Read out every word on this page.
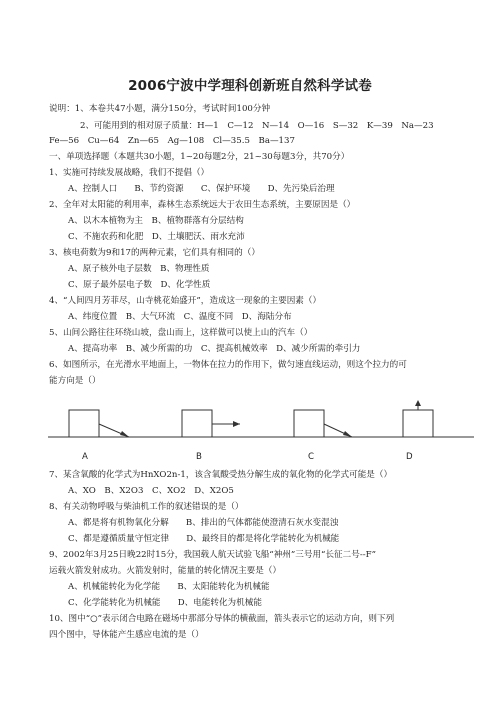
2006宁波中学理科创新班自然科学试卷
说明：1、本卷共47小题，满分150分，考试时间100分钟
2、可能用到的相对原子质量：H—1　C—12　N—14　O—16　S—32　K—39　Na—23
Fe—56　Cu—64　Zn—65　Ag—108　Cl—35.5　Ba—137
一、单项选择题（本题共30小题，1~20每题2分，21~30每题3分，共70分）
1、实施可持续发展战略，我们不提倡（）
A、控制人口　　B、节约资源　　C、保护环境　　D、先污染后治理
2、全年对太阳能的利用率，森林生态系统远大于农田生态系统，主要原因是（）
A、以木本植物为主　B、植物群落有分层结构
C、不施农药和化肥　D、土壤肥沃、雨水充沛
3、核电荷数为9和17的两种元素，它们具有相同的（）
A、原子核外电子层数　B、物理性质
C、原子最外层电子数　D、化学性质
4、“人间四月芳菲尽，山寺桃花始盛开”，造成这一现象的主要因素（）
A、纬度位置　B、大气环流　C、温度不同　D、海陆分布
5、山间公路往往环绕山坡，盘山而上，这样做可以使上山的汽车（）
A、提高功率　B、减少所需的功　C、提高机械效率　D、减少所需的牵引力
6、如图所示，在光滑水平地面上，一物体在拉力的作用下，做匀速直线运动，则这个拉力的可
能方向是（）
A	B	C	D
7、某含氧酸的化学式为HnXO2n-1，该含氧酸受热分解生成的氧化物的化学式可能是（）
A、XO　B、X2O3　C、XO2　D、X2O5
8、有关动物呼吸与柴油机工作的叙述错误的是（）
A、都是将有机物氧化分解　　B、排出的气体都能使澄清石灰水变混浊
C、都是遵循质量守恒定律　　D、最终目的都是将化学能转化为机械能
9、2002年3月25日晚22时15分，我国载人航天试验飞船“神州”三号用“长征二号--F”
运载火箭发射成功。火箭发射时，能量的转化情况主要是（）
A、机械能转化为化学能　　B、太阳能转化为机械能
C、化学能转化为机械能　　D、电能转化为机械能
10、图中“○”表示闭合电路在磁场中那部分导体的横截面，箭头表示它的运动方向，则下列
四个图中，导体能产生感应电流的是（）
